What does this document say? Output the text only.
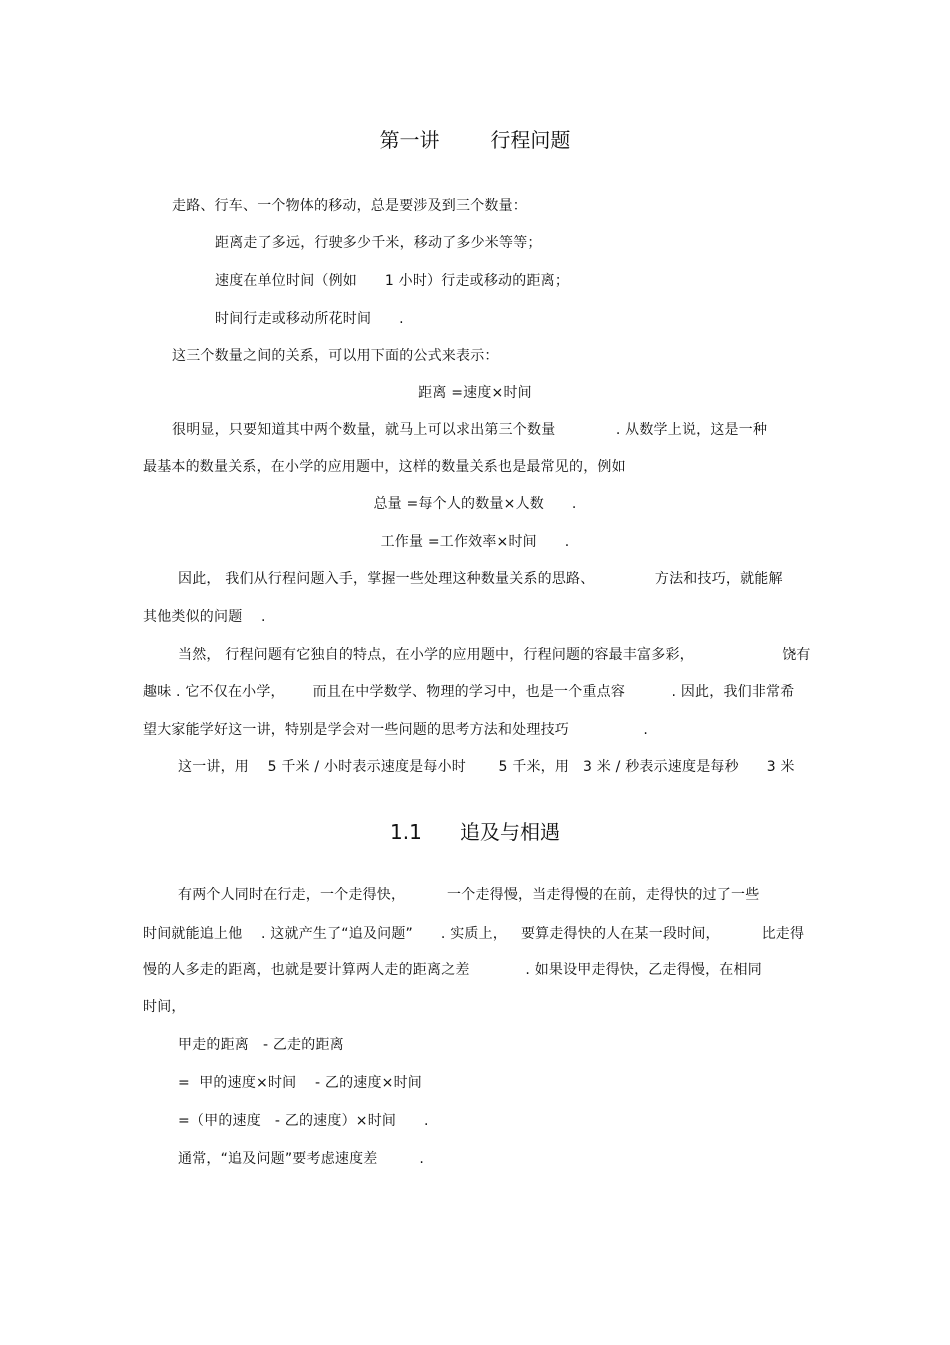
第一讲        行程问题
走路、行车、一个物体的移动，总是要涉及到三个数量：
距离走了多远，行驶多少千米，移动了多少米等等；
速度在单位时间（例如      1 小时）行走或移动的距离；
时间行走或移动所花时间      .
这三个数量之间的关系，可以用下面的公式来表示：
距离 =速度×时间
很明显，只要知道其中两个数量，就马上可以求出第三个数量             . 从数学上说，这是一种
最基本的数量关系，在小学的应用题中，这样的数量关系也是最常见的，例如
总量 =每个人的数量×人数      .
工作量 =工作效率×时间      .
因此， 我们从行程问题入手，掌握一些处理这种数量关系的思路、             方法和技巧，就能解
其他类似的问题    .
当然， 行程问题有它独自的特点，在小学的应用题中，行程问题的容最丰富多彩，                   饶有
趣味 . 它不仅在小学，      而且在中学数学、物理的学习中，也是一个重点容          . 因此，我们非常希
望大家能学好这一讲，特别是学会对一些问题的思考方法和处理技巧                .
这一讲，用    5 千米 / 小时表示速度是每小时       5 千米，用   3 米 / 秒表示速度是每秒      3 米
1.1      追及与相遇
有两个人同时在行走，一个走得快，         一个走得慢，当走得慢的在前，走得快的过了一些
时间就能追上他    . 这就产生了“追及问题”      . 实质上，   要算走得快的人在某一段时间，         比走得
慢的人多走的距离，也就是要计算两人走的距离之差            . 如果设甲走得快，乙走得慢，在相同
时间，
甲走的距离   - 乙走的距离
=  甲的速度×时间    - 乙的速度×时间
=（甲的速度   - 乙的速度）×时间      .
通常，“追及问题”要考虑速度差         .
